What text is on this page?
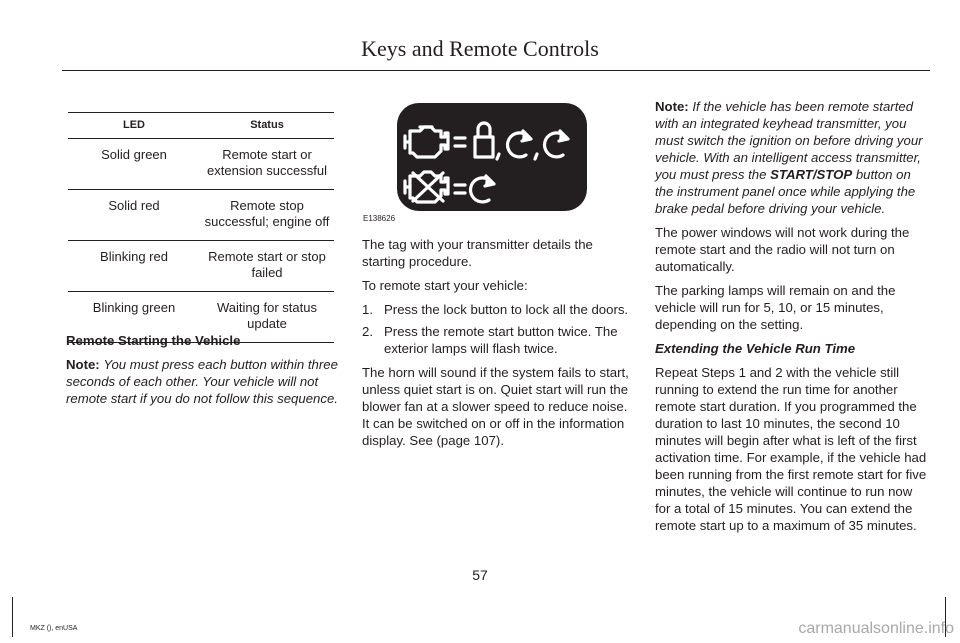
Keys and Remote Controls
LED	Status
Solid green	Remote start or extension successful
Solid red	Remote stop successful; engine off
Blinking red	Remote start or stop failed
Blinking green	Waiting for status update

Remote Starting the Vehicle

Note: You must press each button within three seconds of each other. Your vehicle will not remote start if you do not follow this sequence.

E138626

The tag with your transmitter details the starting procedure.

To remote start your vehicle:

1. Press the lock button to lock all the doors.
2. Press the remote start button twice. The exterior lamps will flash twice.

The horn will sound if the system fails to start, unless quiet start is on. Quiet start will run the blower fan at a slower speed to reduce noise. It can be switched on or off in the information display. See (page 107).

Note: If the vehicle has been remote started with an integrated keyhead transmitter, you must switch the ignition on before driving your vehicle. With an intelligent access transmitter, you must press the START/STOP button on the instrument panel once while applying the brake pedal before driving your vehicle.

The power windows will not work during the remote start and the radio will not turn on automatically.

The parking lamps will remain on and the vehicle will run for 5, 10, or 15 minutes, depending on the setting.

Extending the Vehicle Run Time

Repeat Steps 1 and 2 with the vehicle still running to extend the run time for another remote start duration. If you programmed the duration to last 10 minutes, the second 10 minutes will begin after what is left of the first activation time. For example, if the vehicle had been running from the first remote start for five minutes, the vehicle will continue to run now for a total of 15 minutes. You can extend the remote start up to a maximum of 35 minutes.

57
MKZ (), enUSA	carmanualsonline.info
